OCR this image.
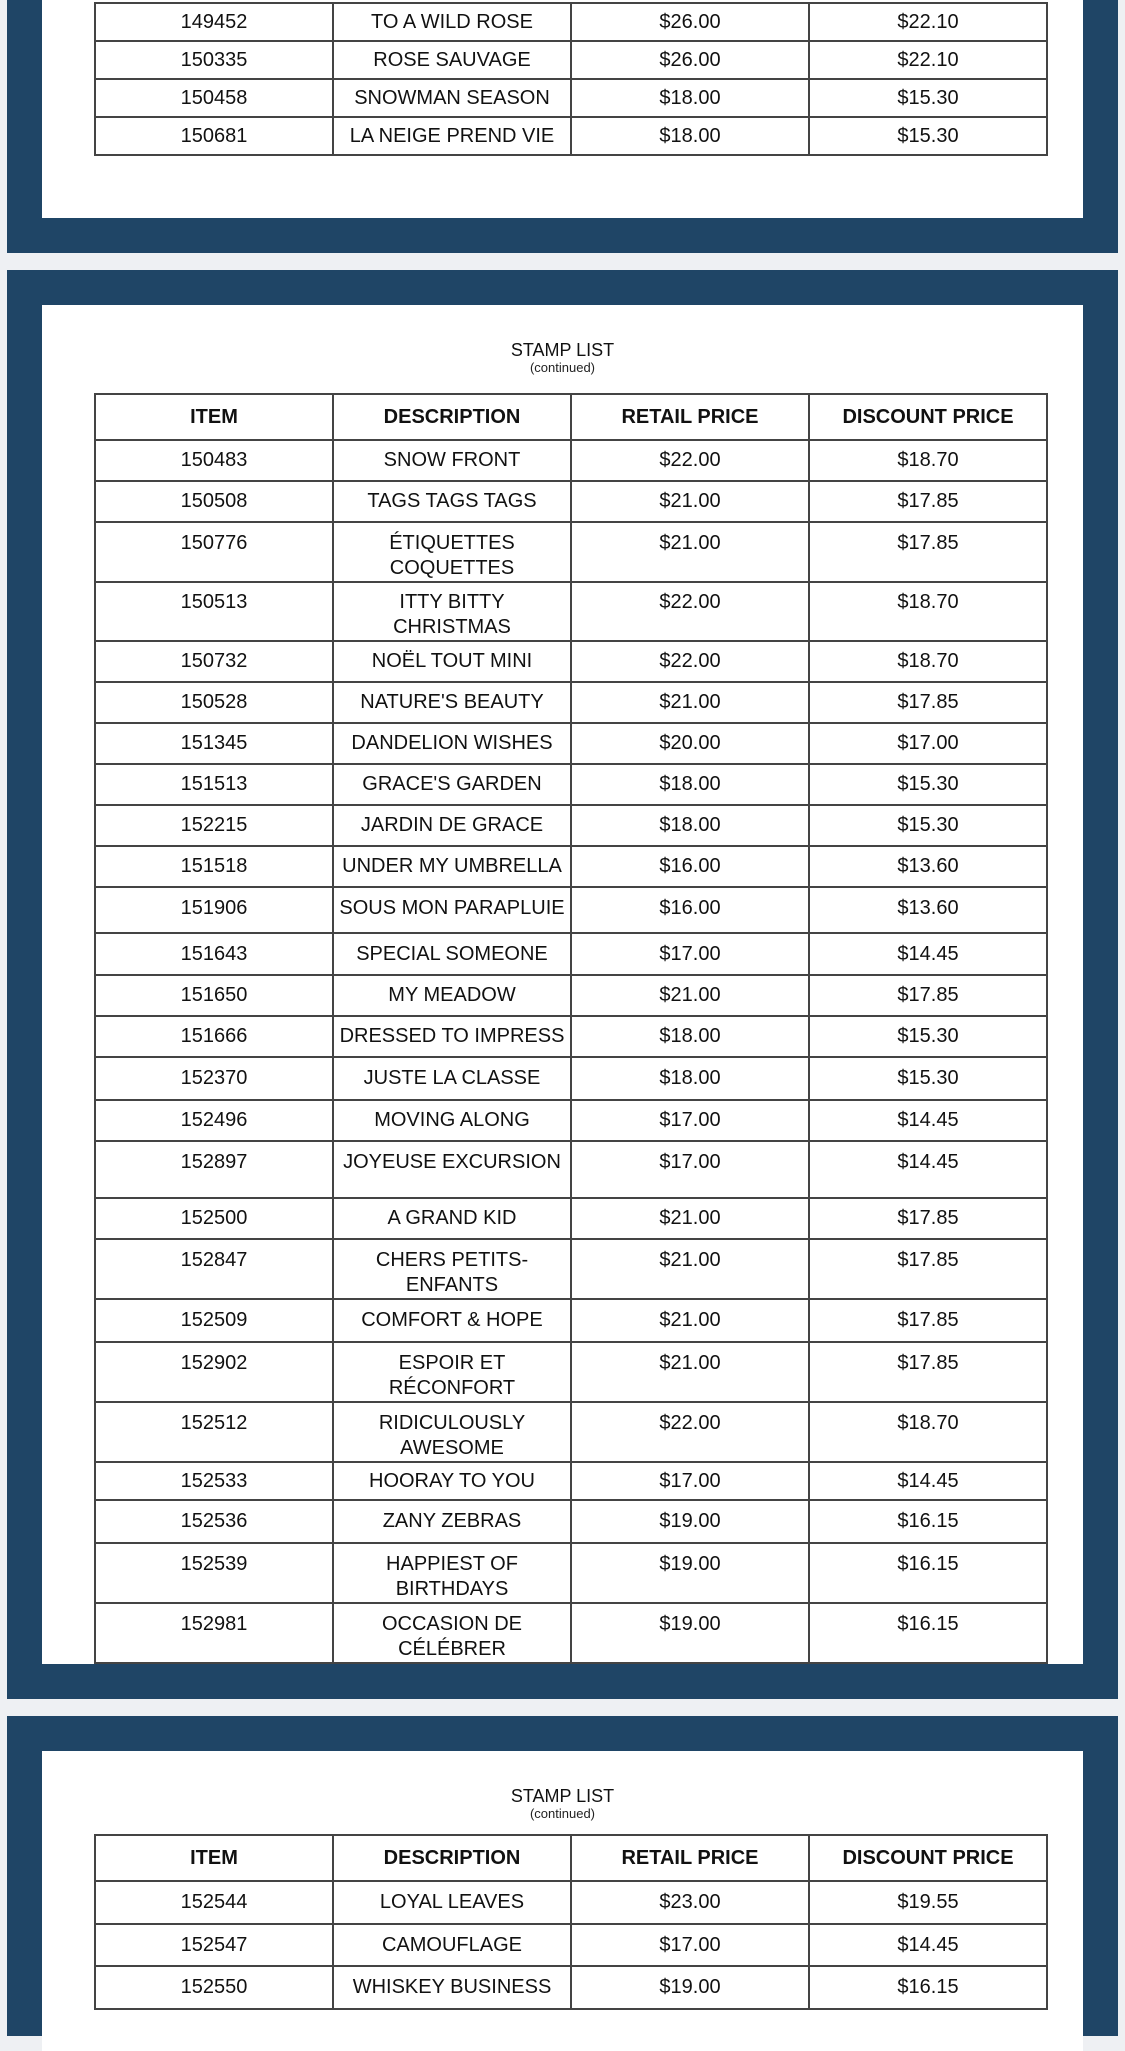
149452	TO A WILD ROSE	$26.00	$22.10
150335	ROSE SAUVAGE	$26.00	$22.10
150458	SNOWMAN SEASON	$18.00	$15.30
150681	LA NEIGE PREND VIE	$18.00	$15.30
STAMP LIST
(continued)
ITEM	DESCRIPTION	RETAIL PRICE	DISCOUNT PRICE
150483	SNOW FRONT	$22.00	$18.70
150508	TAGS TAGS TAGS	$21.00	$17.85
150776	ÉTIQUETTES COQUETTES	$21.00	$17.85
150513	ITTY BITTY CHRISTMAS	$22.00	$18.70
150732	NOËL TOUT MINI	$22.00	$18.70
150528	NATURE'S BEAUTY	$21.00	$17.85
151345	DANDELION WISHES	$20.00	$17.00
151513	GRACE'S GARDEN	$18.00	$15.30
152215	JARDIN DE GRACE	$18.00	$15.30
151518	UNDER MY UMBRELLA	$16.00	$13.60
151906	SOUS MON PARAPLUIE	$16.00	$13.60
151643	SPECIAL SOMEONE	$17.00	$14.45
151650	MY MEADOW	$21.00	$17.85
151666	DRESSED TO IMPRESS	$18.00	$15.30
152370	JUSTE LA CLASSE	$18.00	$15.30
152496	MOVING ALONG	$17.00	$14.45
152897	JOYEUSE EXCURSION	$17.00	$14.45
152500	A GRAND KID	$21.00	$17.85
152847	CHERS PETITS-ENFANTS	$21.00	$17.85
152509	COMFORT & HOPE	$21.00	$17.85
152902	ESPOIR ET RÉCONFORT	$21.00	$17.85
152512	RIDICULOUSLY AWESOME	$22.00	$18.70
152533	HOORAY TO YOU	$17.00	$14.45
152536	ZANY ZEBRAS	$19.00	$16.15
152539	HAPPIEST OF BIRTHDAYS	$19.00	$16.15
152981	OCCASION DE CÉLÉBRER	$19.00	$16.15
STAMP LIST
(continued)
ITEM	DESCRIPTION	RETAIL PRICE	DISCOUNT PRICE
152544	LOYAL LEAVES	$23.00	$19.55
152547	CAMOUFLAGE	$17.00	$14.45
152550	WHISKEY BUSINESS	$19.00	$16.15
